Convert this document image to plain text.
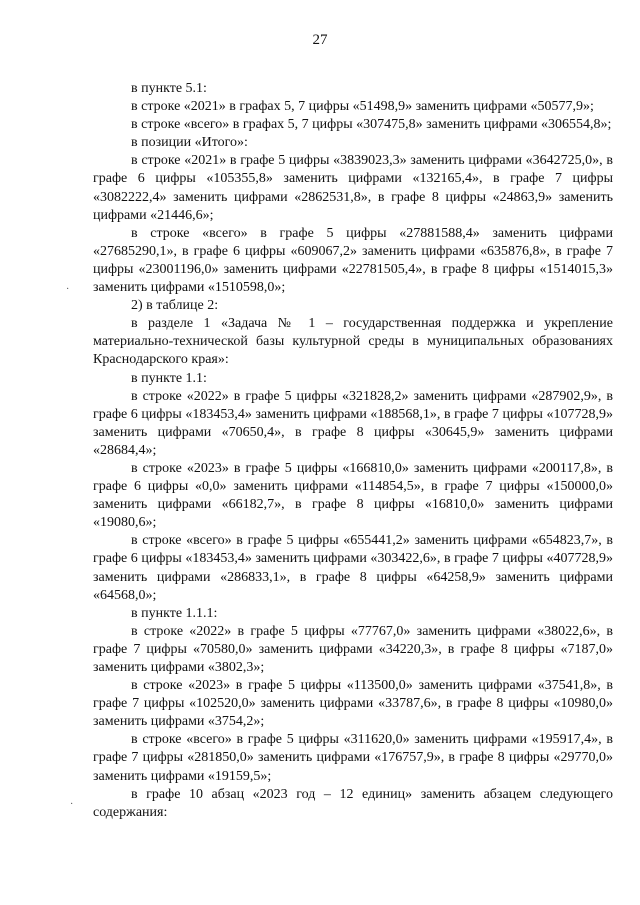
27
·
·

в пункте 5.1:

в строке «2021» в графах 5, 7 цифры «51498,9» заменить цифрами «50577,9»;

в строке «всего» в графах 5, 7 цифры «307475,8» заменить цифрами «306554,8»;

в позиции «Итого»:

в строке «2021» в графе 5 цифры «3839023,3» заменить цифрами «3642725,0», в графе 6 цифры «105355,8» заменить цифрами «132165,4», в графе 7 цифры «3082222,4» заменить цифрами «2862531,8», в графе 8 цифры «24863,9» заменить цифрами «21446,6»;

в строке «всего» в графе 5 цифры «27881588,4» заменить цифрами «27685290,1», в графе 6 цифры «609067,2» заменить цифрами «635876,8», в графе 7 цифры «23001196,0» заменить цифрами «22781505,4», в графе 8 цифры «1514015,3» заменить цифрами «1510598,0»;

2) в таблице 2:

в разделе 1 «Задача № 1 – государственная поддержка и укрепление материально-технической базы культурной среды в муниципальных образованиях Краснодарского края»:

в пункте 1.1:

в строке «2022» в графе 5 цифры «321828,2» заменить цифрами «287902,9», в графе 6 цифры «183453,4» заменить цифрами «188568,1», в графе 7 цифры «107728,9» заменить цифрами «70650,4», в графе 8 цифры «30645,9» заменить цифрами «28684,4»;

в строке «2023» в графе 5 цифры «166810,0» заменить цифрами «200117,8», в графе 6 цифры «0,0» заменить цифрами «114854,5», в графе 7 цифры «150000,0» заменить цифрами «66182,7», в графе 8 цифры «16810,0» заменить цифрами «19080,6»;

в строке «всего» в графе 5 цифры «655441,2» заменить цифрами «654823,7», в графе 6 цифры «183453,4» заменить цифрами «303422,6», в графе 7 цифры «407728,9» заменить цифрами «286833,1», в графе 8 цифры «64258,9» заменить цифрами «64568,0»;

в пункте 1.1.1:

в строке «2022» в графе 5 цифры «77767,0» заменить цифрами «38022,6», в графе 7 цифры «70580,0» заменить цифрами «34220,3», в графе 8 цифры «7187,0» заменить цифрами «3802,3»;

в строке «2023» в графе 5 цифры «113500,0» заменить цифрами «37541,8», в графе 7 цифры «102520,0» заменить цифрами «33787,6», в графе 8 цифры «10980,0» заменить цифрами «3754,2»;

в строке «всего» в графе 5 цифры «311620,0» заменить цифрами «195917,4», в графе 7 цифры «281850,0» заменить цифрами «176757,9», в графе 8 цифры «29770,0» заменить цифрами «19159,5»;

в графе 10 абзац «2023 год – 12 единиц» заменить абзацем следующего содержания:
